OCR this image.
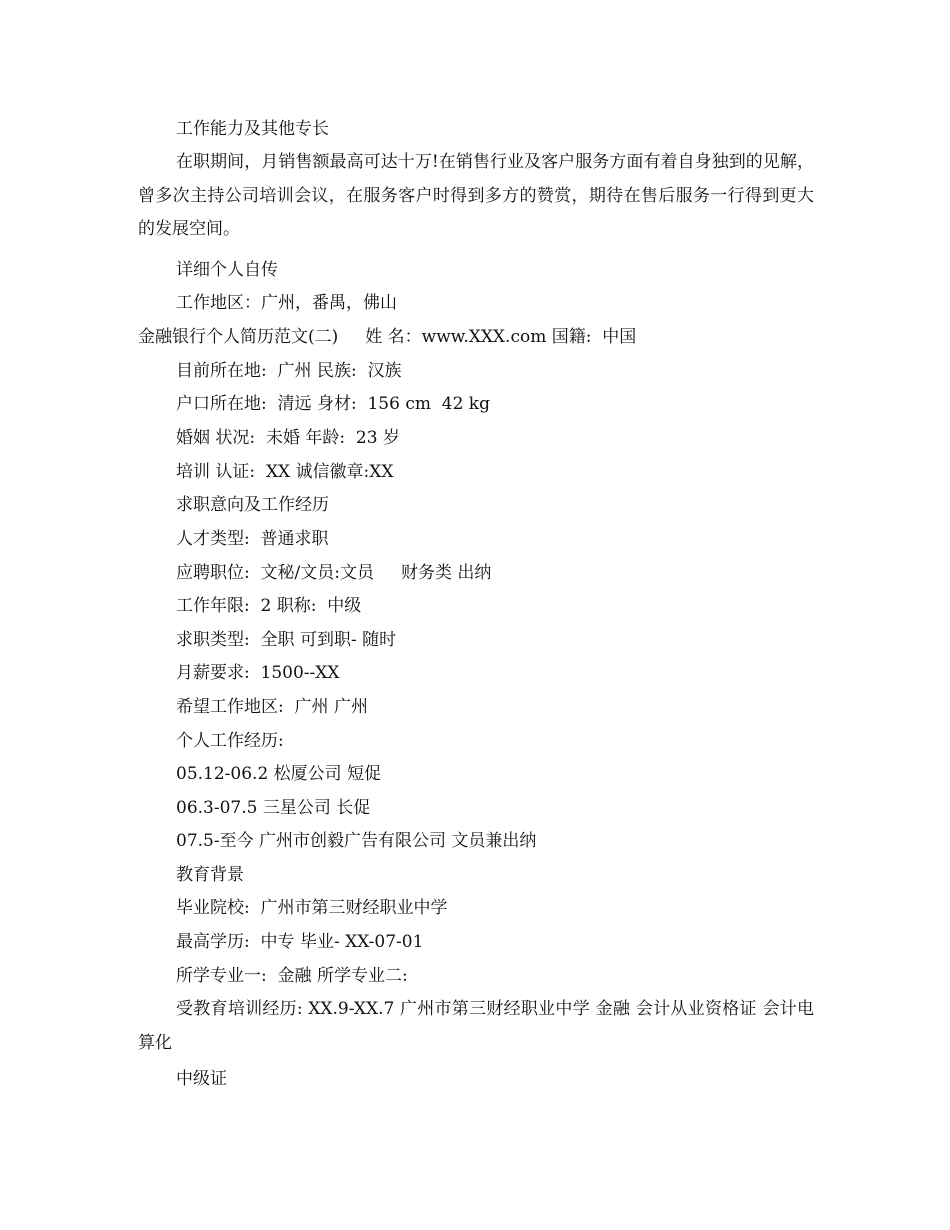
工作能力及其他专长
在职期间，月销售额最高可达十万!在销售行业及客户服务方面有着自身独到的见解，曾多次主持公司培训会议，在服务客户时得到多方的赞赏，期待在售后服务一行得到更大的发展空间。
详细个人自传
工作地区：广州，番禺，佛山
金融银行个人简历范文(二)     姓 名：www.XXX.com 国籍:  中国
目前所在地:  广州 民族:  汉族
户口所在地:  清远 身材:  156 cm  42 kg
婚姻 状况:  未婚 年龄:  23 岁
培训 认证:  XX 诚信徽章:XX
求职意向及工作经历
人才类型:  普通求职
应聘职位:  文秘/文员:文员     财务类 出纳
工作年限:  2 职称:  中级
求职类型:  全职 可到职- 随时
月薪要求:  1500--XX
希望工作地区:  广州 广州
个人工作经历:
05.12-06.2 松厦公司 短促
06.3-07.5 三星公司 长促
07.5-至今 广州市创毅广告有限公司 文员兼出纳
教育背景
毕业院校:  广州市第三财经职业中学
最高学历:  中专 毕业- XX-07-01
所学专业一:  金融 所学专业二:
受教育培训经历: XX.9-XX.7 广州市第三财经职业中学 金融 会计从业资格证 会计电算化
中级证
